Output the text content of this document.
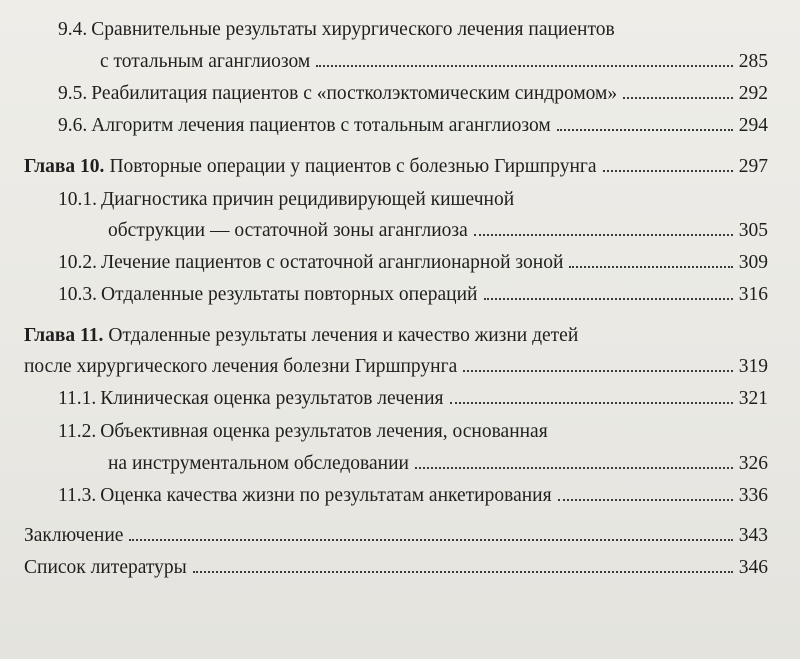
9.4. Сравнительные результаты хирургического лечения пациентов
с тотальным аганглиозом	285
9.5. Реабилитация пациентов с «постколэктомическим синдромом»	292
9.6. Алгоритм лечения пациентов с тотальным аганглиозом	294
Глава 10. Повторные операции у пациентов с болезнью Гиршпрунга	297
10.1. Диагностика причин рецидивирующей кишечной
обструкции — остаточной зоны аганглиоза	305
10.2. Лечение пациентов с остаточной аганглионарной зоной	309
10.3. Отдаленные результаты повторных операций	316
Глава 11. Отдаленные результаты лечения и качество жизни детей
после хирургического лечения болезни Гиршпрунга	319
11.1. Клиническая оценка результатов лечения	321
11.2. Объективная оценка результатов лечения, основанная
на инструментальном обследовании	326
11.3. Оценка качества жизни по результатам анкетирования	336
Заключение	343
Список литературы	346
